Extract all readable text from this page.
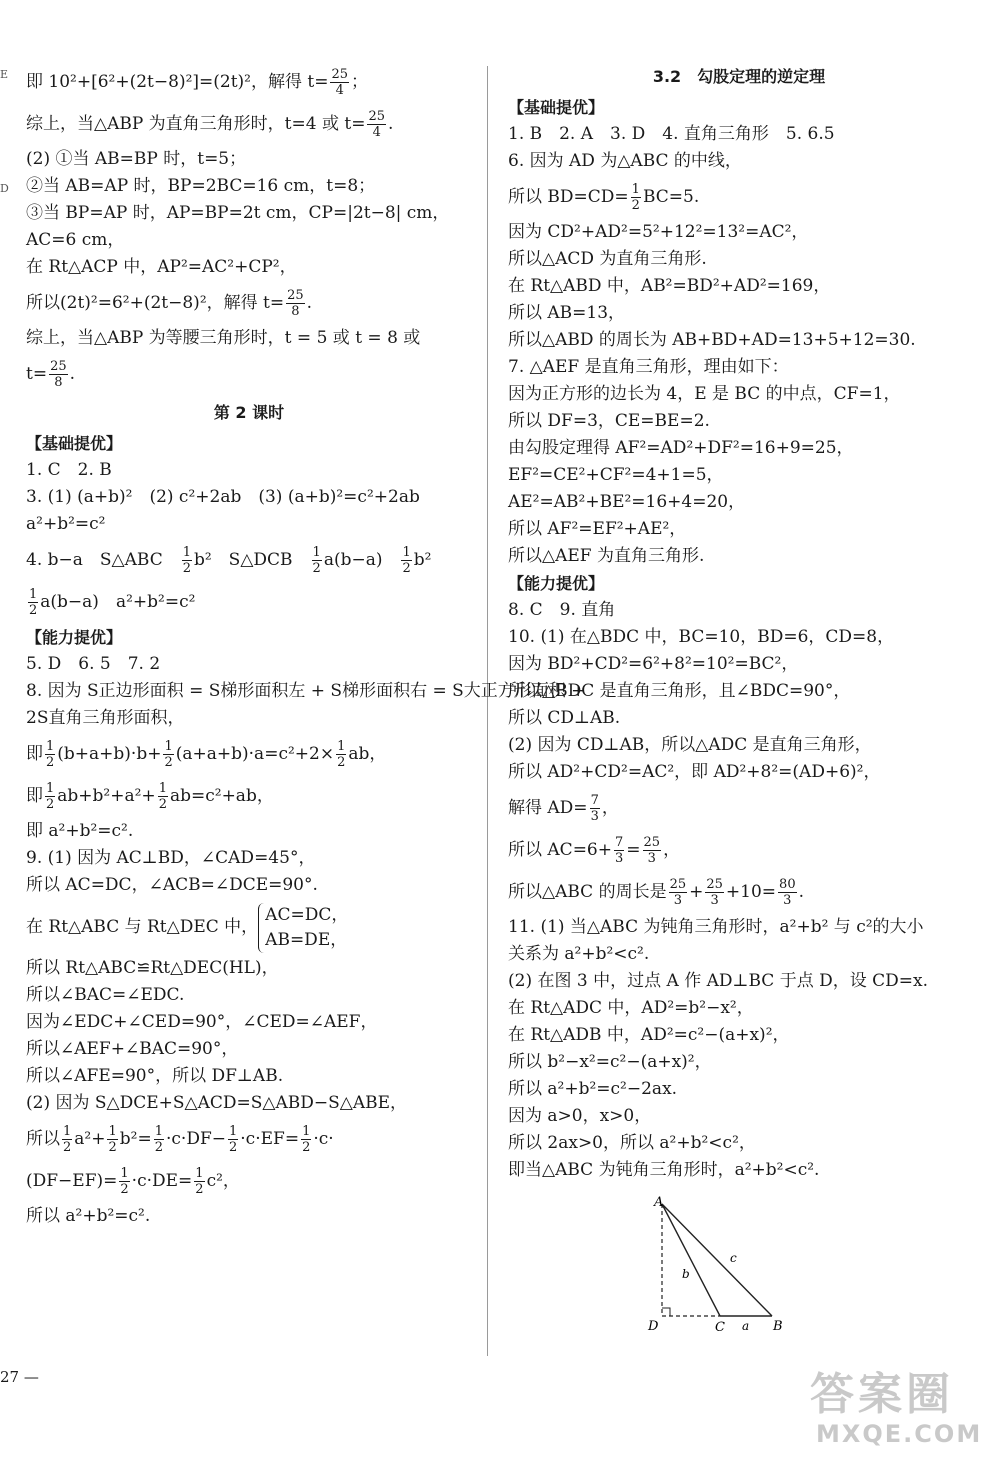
E
D

即 10²+[6²+(2t−8)²]=(2t)²，解得 $t= \frac{25}{4}$ ；

综上，当△ABP 为直角三角形时，t=4 或 $t= \frac{25}{4}$ .

(2) ①当 AB=BP 时，t=5；

②当 AB=AP 时，BP=2BC=16 cm，t=8；

③当 BP=AP 时，AP=BP=2t cm，CP=|2t−8| cm，

AC=6 cm，

在 Rt△ACP 中，AP²=AC²+CP²，

所以(2t)²=6²+(2t−8)²，解得 $t= \frac{25}{8}$ .

综上，当△ABP 为等腰三角形时，t = 5 或 t = 8 或

$t= \frac{25}{8}$ .

第 2 课时
【基础提优】

1. C　2. B

3. (1) (a+b)²　(2) c²+2ab　(3) (a+b)²=c²+2ab

a²+b²=c²

4. b−a　S△ABC　 $\frac{1}{2} b^2$　S△DCB　 $\frac{1}{2} a(b-a)$　 $\frac{1}{2} b^2$

$\frac{1}{2} a(b-a)$　a²+b²=c²

【能力提优】

5. D　6. 5　7. 2

8. 因为 S正边形面积 = S梯形面积左 + S梯形面积右 = S大正方形面积 +

2S直角三角形面积，

即 $\frac{1}{2} (b+a+b)\cdot b+ \frac{1}{2} (a+a+b)\cdot a=c^2+2\times \frac{1}{2}$ ab，

即 $\frac{1}{2} ab+b^2+a^2+ \frac{1}{2} ab=c^2+ab$，

即 a²+b²=c².

9. (1) 因为 AC⊥BD，∠CAD=45°，

所以 AC=DC，∠ACB=∠DCE=90°.

在 Rt△ABC 与 Rt△DEC 中，
AC=DC，
AB=DE，

所以 Rt△ABC≌Rt△DEC(HL)，

所以∠BAC=∠EDC.

因为∠EDC+∠CED=90°，∠CED=∠AEF，

所以∠AEF+∠BAC=90°，

所以∠AFE=90°，所以 DF⊥AB.

(2) 因为 S△DCE+S△ACD=S△ABD−S△ABE，

所以 $\frac{1}{2} a^2+ \frac{1}{2} b^2= \frac{1}{2} \cdot c\cdot DF- \frac{1}{2} \cdot c\cdot EF= \frac{1}{2} \cdot c\cdot$

$(DF-EF)= \frac{1}{2} \cdot c\cdot DE= \frac{1}{2} c^2$，

所以 a²+b²=c².

3.2　勾股定理的逆定理
【基础提优】

1. B　2. A　3. D　4. 直角三角形　5. 6.5

6. 因为 AD 为△ABC 的中线，

所以 $BD=CD= \frac{1}{2} BC=5$.

因为 CD²+AD²=5²+12²=13²=AC²，

所以△ACD 为直角三角形.

在 Rt△ABD 中，AB²=BD²+AD²=169，

所以 AB=13，

所以△ABD 的周长为 AB+BD+AD=13+5+12=30.

7. △AEF 是直角三角形，理由如下：

因为正方形的边长为 4，E 是 BC 的中点，CF=1，

所以 DF=3，CE=BE=2.

由勾股定理得 AF²=AD²+DF²=16+9=25，

EF²=CE²+CF²=4+1=5，

AE²=AB²+BE²=16+4=20，

所以 AF²=EF²+AE²，

所以△AEF 为直角三角形.

【能力提优】

8. C　9. 直角

10. (1) 在△BDC 中，BC=10，BD=6，CD=8，

因为 BD²+CD²=6²+8²=10²=BC²，

所以△BDC 是直角三角形，且∠BDC=90°，

所以 CD⊥AB.

(2) 因为 CD⊥AB，所以△ADC 是直角三角形，

所以 AD²+CD²=AC²，即 AD²+8²=(AD+6)²，

解得 $AD= \frac{7}{3}$ ，

所以 $AC=6+ \frac{7}{3} = \frac{25}{3}$ ，

所以△ABC 的周长是 $\frac{25}{3} + \frac{25}{3} +10= \frac{80}{3}$ .

11. (1) 当△ABC 为钝角三角形时，a²+b² 与 c²的大小

关系为 a²+b²<c².

(2) 在图 3 中，过点 A 作 AD⊥BC 于点 D，设 CD=x.

在 Rt△ADC 中，AD²=b²−x²，

在 Rt△ADB 中，AD²=c²−(a+x)²，

所以 b²−x²=c²−(a+x)²，

所以 a²+b²=c²−2ax.

因为 a>0，x>0，

所以 2ax>0，所以 a²+b²<c²，

即当△ABC 为钝角三角形时，a²+b²<c².

A
D	C	B
b
c
a
27 —	答案圈
MXQE.COM
